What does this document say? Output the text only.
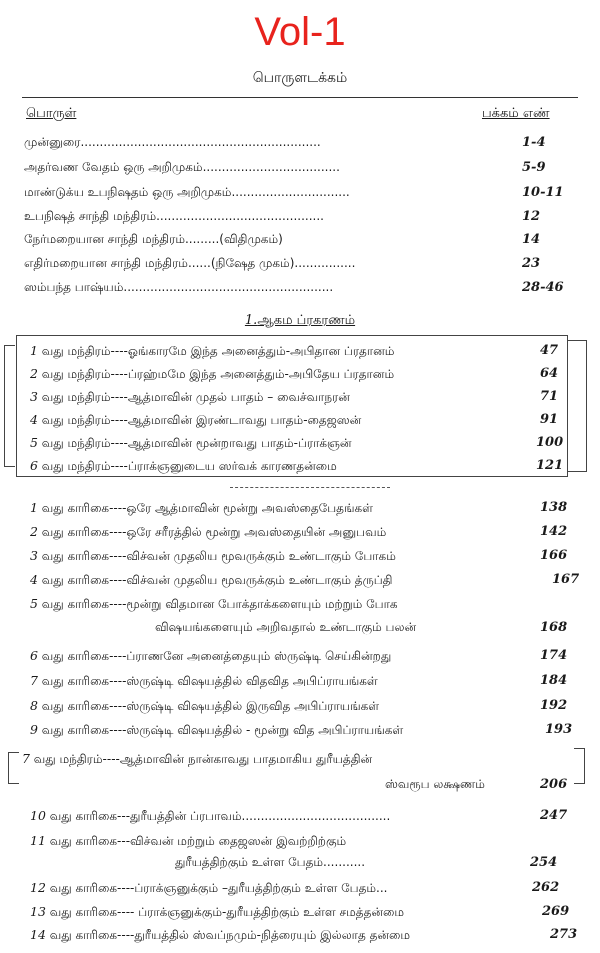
Vol-1
பொருளடக்கம்
பொருள்	பக்கம் எண்
முன்னுரை...............................................................	1-4
அதர்வண வேதம் ஒரு அறிமுகம்....................................	5-9
மாண்டுக்ய உபநிஷதம் ஒரு அறிமுகம்...............................	10-11
உபநிஷத் சாந்தி மந்திரம்............................................	12
நேர்மறையான சாந்தி மந்திரம்.........(விதிமுகம்)	14
எதிர்மறையான சாந்தி மந்திரம்......(நிஷேத முகம்)................	23
ஸம்பந்த பாஷ்யம்.......................................................	28-46
1.ஆகம ப்ரகரணம்
1 வது மந்திரம்----ஓங்காரமே இந்த அனைத்தும்-அபிதான ப்ரதானம்	47
2 வது மந்திரம்----ப்ரஹ்மமே இந்த அனைத்தும்-அபிதேய ப்ரதானம்	64
3 வது மந்திரம்----ஆத்மாவின் முதல் பாதம் – வைச்வாநரன்	71
4 வது மந்திரம்----ஆத்மாவின் இரண்டாவது பாதம்-தைஜஸன்	91
5 வது மந்திரம்----ஆத்மாவின் மூன்றாவது பாதம்-ப்ராக்ஞன்	100
6 வது மந்திரம்----ப்ராக்ஞனுடைய ஸர்வக் காரணதன்மை	121
1 வது காரிகை----ஒரே ஆத்மாவின் மூன்று அவஸ்தைபேதங்கள்	138
2 வது காரிகை----ஒரே சரீரத்தில் மூன்று அவஸ்தையின் அனுபவம்	142
3 வது காரிகை----விச்வன் முதலிய மூவருக்கும் உண்டாகும் போகம்	166
4 வது காரிகை----விச்வன் முதலிய மூவருக்கும் உண்டாகும் த்ருப்தி	167
5 வது காரிகை----மூன்று விதமான போக்தாக்களையும் மற்றும் போக
விஷயங்களையும் அறிவதால் உண்டாகும் பலன்	168
6 வது காரிகை----ப்ராணனே அனைத்தையும் ஸ்ருஷ்டி செய்கின்றது	174
7 வது காரிகை----ஸ்ருஷ்டி விஷயத்தில் விதவித அபிப்ராயங்கள்	184
8 வது காரிகை----ஸ்ருஷ்டி விஷயத்தில் இருவித அபிப்ராயங்கள்	192
9 வது காரிகை----ஸ்ருஷ்டி விஷயத்தில் - மூன்று வித அபிப்ராயங்கள்	193
7 வது மந்திரம்----ஆத்மாவின் நான்காவது பாதமாகிய துரீயத்தின்
ஸ்வரூப லக்ஷணம்	206
10 வது காரிகை---துரீயத்தின் ப்ரபாவம்.......................................	247
11 வது காரிகை---விச்வன் மற்றும் தைஜஸன் இவற்றிற்கும்
துரீயத்திற்கும் உள்ள பேதம்...........	254
12 வது காரிகை----ப்ராக்ஞனுக்கும் –துரீயத்திற்கும் உள்ள பேதம்...	262
13 வது காரிகை---- ப்ராக்ஞனுக்கும்-துரீயத்திற்கும் உள்ள சமத்தன்மை	269
14 வது காரிகை----துரீயத்தில் ஸ்வப்நமும்-நித்ரையும் இல்லாத தன்மை	273
